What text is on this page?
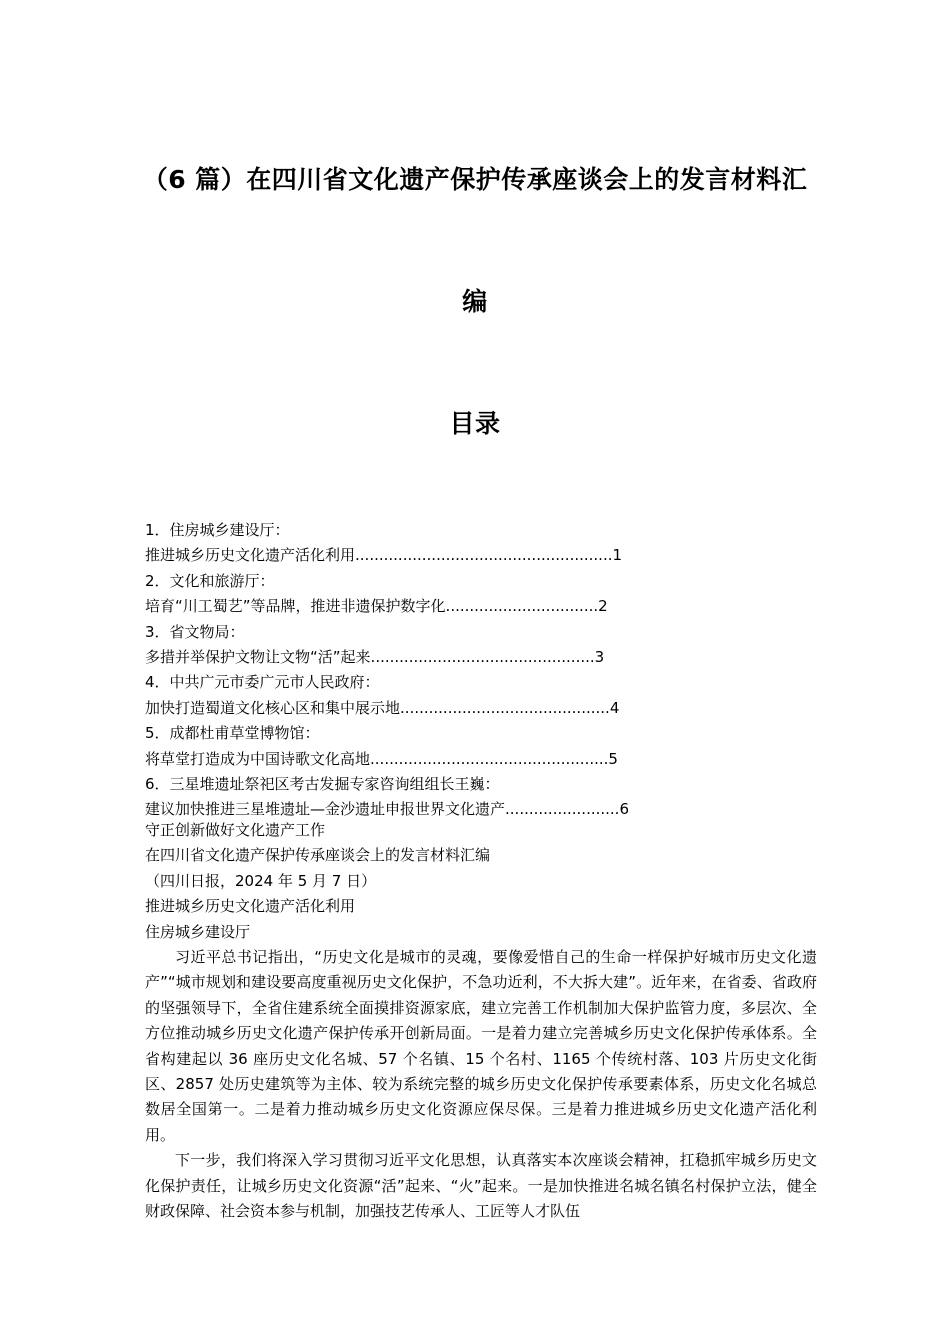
（6 篇）在四川省文化遗产保护传承座谈会上的发言材料汇
编
目录
1．住房城乡建设厅：
推进城乡历史文化遗产活化利用 ...................................................... 1
2．文化和旅游厅：
培育“川工蜀艺”等品牌，推进非遗保护数字化 ................................ 2
3．省文物局：
多措并举保护文物让文物“活”起来 ............................................... 3
4．中共广元市委广元市人民政府：
加快打造蜀道文化核心区和集中展示地 ............................................ 4
5．成都杜甫草堂博物馆：
将草堂打造成为中国诗歌文化高地 .................................................. 5
6．三星堆遗址祭祀区考古发掘专家咨询组组长王巍：
建议加快推进三星堆遗址—金沙遗址申报世界文化遗产 ........................ 6
守正创新做好文化遗产工作
在四川省文化遗产保护传承座谈会上的发言材料汇编
（四川日报，2024 年 5 月 7 日）
推进城乡历史文化遗产活化利用
住房城乡建设厅

习近平总书记指出，“历史文化是城市的灵魂，要像爱惜自己的生命一样保护好城市历史文化遗产”“城市规划和建设要高度重视历史文化保护，不急功近利，不大拆大建”。近年来，在省委、省政府的坚强领导下，全省住建系统全面摸排资源家底，建立完善工作机制加大保护监管力度，多层次、全方位推动城乡历史文化遗产保护传承开创新局面。一是着力建立完善城乡历史文化保护传承体系。全省构建起以 36 座历史文化名城、57 个名镇、15 个名村、1165 个传统村落、103 片历史文化街区、2857 处历史建筑等为主体、较为系统完整的城乡历史文化保护传承要素体系，历史文化名城总数居全国第一。二是着力推动城乡历史文化资源应保尽保。三是着力推进城乡历史文化遗产活化利用。

下一步，我们将深入学习贯彻习近平文化思想，认真落实本次座谈会精神，扛稳抓牢城乡历史文化保护责任，让城乡历史文化资源“活”起来、“火”起来。一是加快推进名城名镇名村保护立法，健全财政保障、社会资本参与机制，加强技艺传承人、工匠等人才队伍
